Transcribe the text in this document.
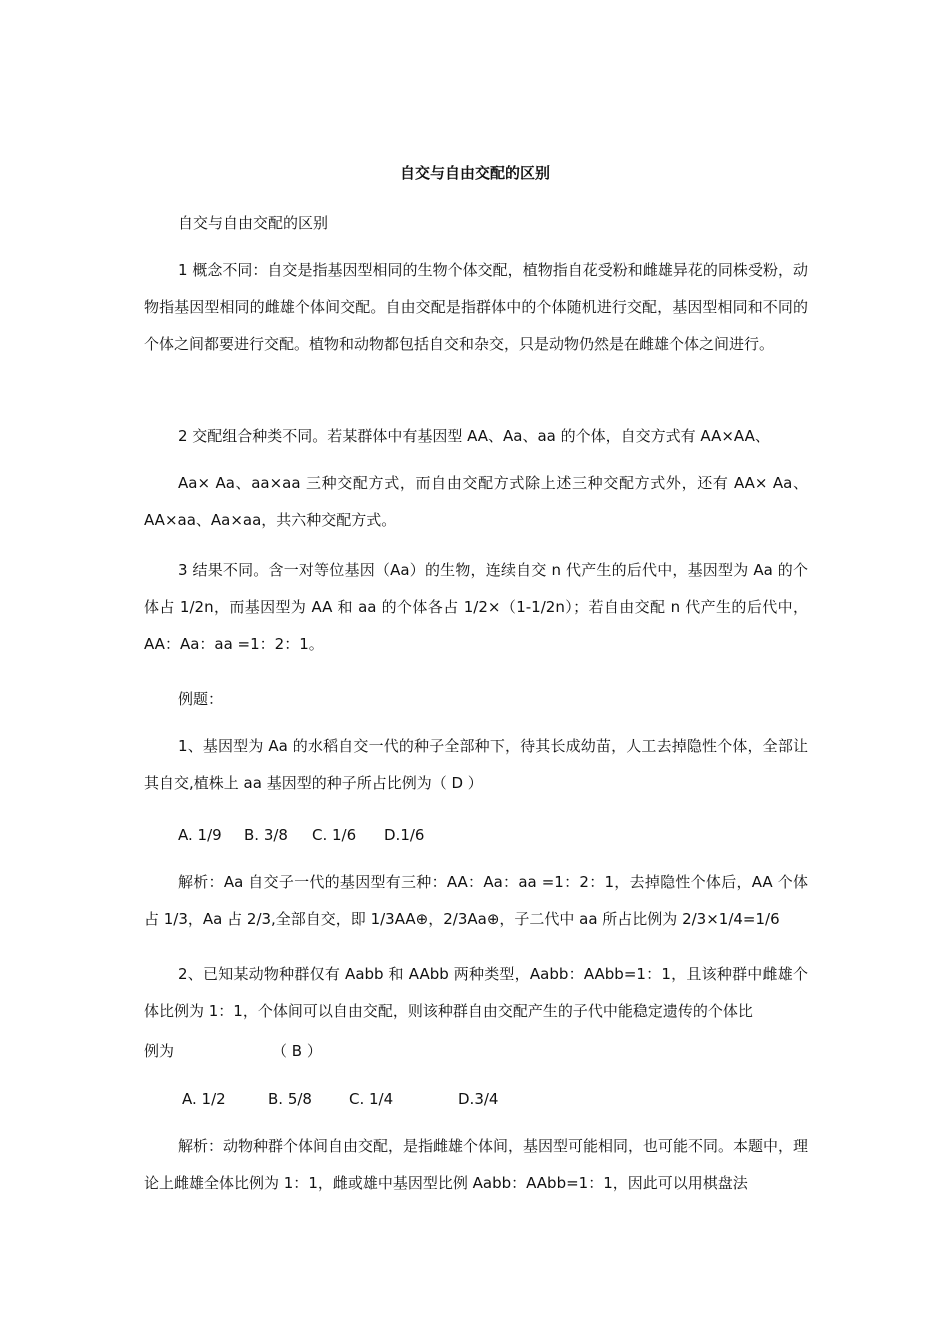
自交与自由交配的区别
自交与自由交配的区别

1 概念不同：自交是指基因型相同的生物个体交配，植物指自花受粉和雌雄异花的同株受粉，动物指基因型相同的雌雄个体间交配。自由交配是指群体中的个体随机进行交配，基因型相同和不同的个体之间都要进行交配。植物和动物都包括自交和杂交，只是动物仍然是在雌雄个体之间进行。

2 交配组合种类不同。若某群体中有基因型 AA、Aa、aa 的个体，自交方式有 AA×AA、

Aa× Aa、aa×aa 三种交配方式，而自由交配方式除上述三种交配方式外，还有 AA× Aa、AA×aa、Aa×aa，共六种交配方式。

3 结果不同。含一对等位基因（Aa）的生物，连续自交 n 代产生的后代中，基因型为 Aa 的个体占 1/2n，而基因型为 AA 和 aa 的个体各占 1/2×（1-1/2n）；若自由交配 n 代产生的后代中，AA：Aa：aa =1：2：1。

例题：

1、基因型为 Aa 的水稻自交一代的种子全部种下，待其长成幼苗，人工去掉隐性个体，全部让其自交,植株上 aa 基因型的种子所占比例为（ D ）

A. 1/9 B. 3/8 C. 1/6 D.1/6

解析：Aa 自交子一代的基因型有三种：AA：Aa：aa =1：2：1，去掉隐性个体后，AA 个体占 1/3，Aa 占 2/3,全部自交，即 1/3AA⊕，2/3Aa⊕，子二代中 aa 所占比例为 2/3×1/4=1/6

2、已知某动物种群仅有 Aabb 和 AAbb 两种类型，Aabb：AAbb=1：1，且该种群中雌雄个体比例为 1：1，个体间可以自由交配，则该种群自由交配产生的子代中能稳定遗传的个体比

例为	（ B ）
A. 1/2	B. 5/8 C. 1/4	D.3/4

解析：动物种群个体间自由交配，是指雌雄个体间，基因型可能相同，也可能不同。本题中，理论上雌雄全体比例为 1：1，雌或雄中基因型比例 Aabb：AAbb=1：1，因此可以用棋盘法
